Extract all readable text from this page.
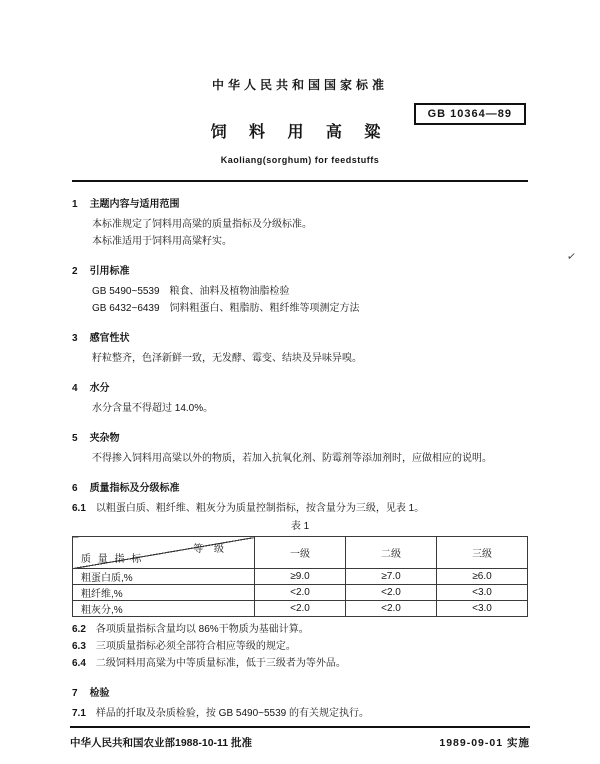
中华人民共和国国家标准
GB 10364—89
饲 料 用 高 粱
Kaoliang(sorghum) for feedstuffs
1 主题内容与适用范围

本标准规定了饲料用高粱的质量指标及分级标准。

本标准适用于饲料用高粱籽实。

2 引用标准

GB 5490~5539　粮食、油料及植物油脂检验

GB 6432~6439　饲料粗蛋白、粗脂肪、粗纤维等项测定方法

3 感官性状

籽粒整齐，色泽新鲜一致，无发酵、霉变、结块及异味异嗅。

4 水分

水分含量不得超过 14.0%。

5 夹杂物

不得掺入饲料用高粱以外的物质，若加入抗氧化剂、防霉剂等添加剂时，应做相应的说明。

6 质量指标及分级标准

6.1 以粗蛋白质、粗纤维、粗灰分为质量控制指标，按含量分为三级，见表 1。

表 1
等 级
质 量 指 标	一级	二级	三级
粗蛋白质,%	≥9.0	≥7.0	≥6.0
粗纤维,%	<2.0	<2.0	<3.0
粗灰分,%	<2.0	<2.0	<3.0

6.2 各项质量指标含量均以 86%干物质为基础计算。

6.3 三项质量指标必须全部符合相应等级的规定。

6.4 二级饲料用高粱为中等质量标准，低于三级者为等外品。

7 检验

7.1 样品的扦取及杂质检验，按 GB 5490~5539 的有关规定执行。

中华人民共和国农业部1988-10-11 批准	1989-09-01 实施
✓
